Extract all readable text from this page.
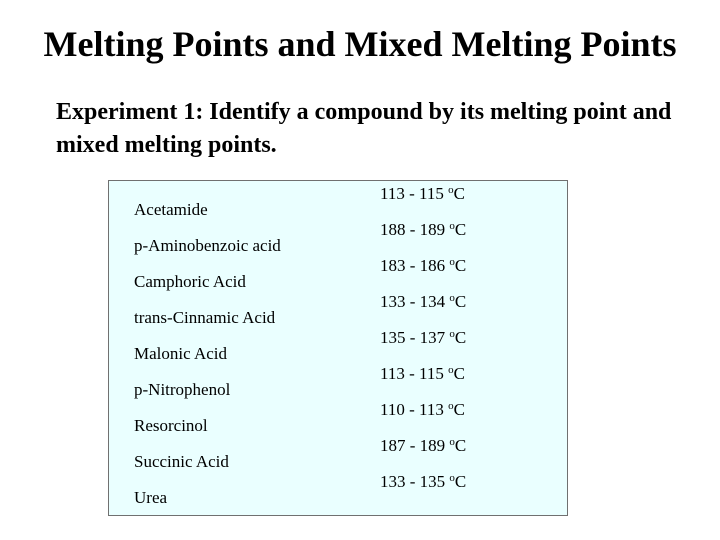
Melting Points and Mixed Melting Points
Experiment 1: Identify a compound by its melting point and mixed melting points.
Acetamide
113 - 115 $^o$C
p-Aminobenzoic acid
188 - 189 $^o$C
Camphoric Acid
183 - 186 $^o$C
trans-Cinnamic Acid
133 - 134 $^o$C
Malonic Acid
135 - 137 $^o$C
p-Nitrophenol
113 - 115 $^o$C
Resorcinol
110 - 113 $^o$C
Succinic Acid
187 - 189 $^o$C
Urea
133 - 135 $^o$C
